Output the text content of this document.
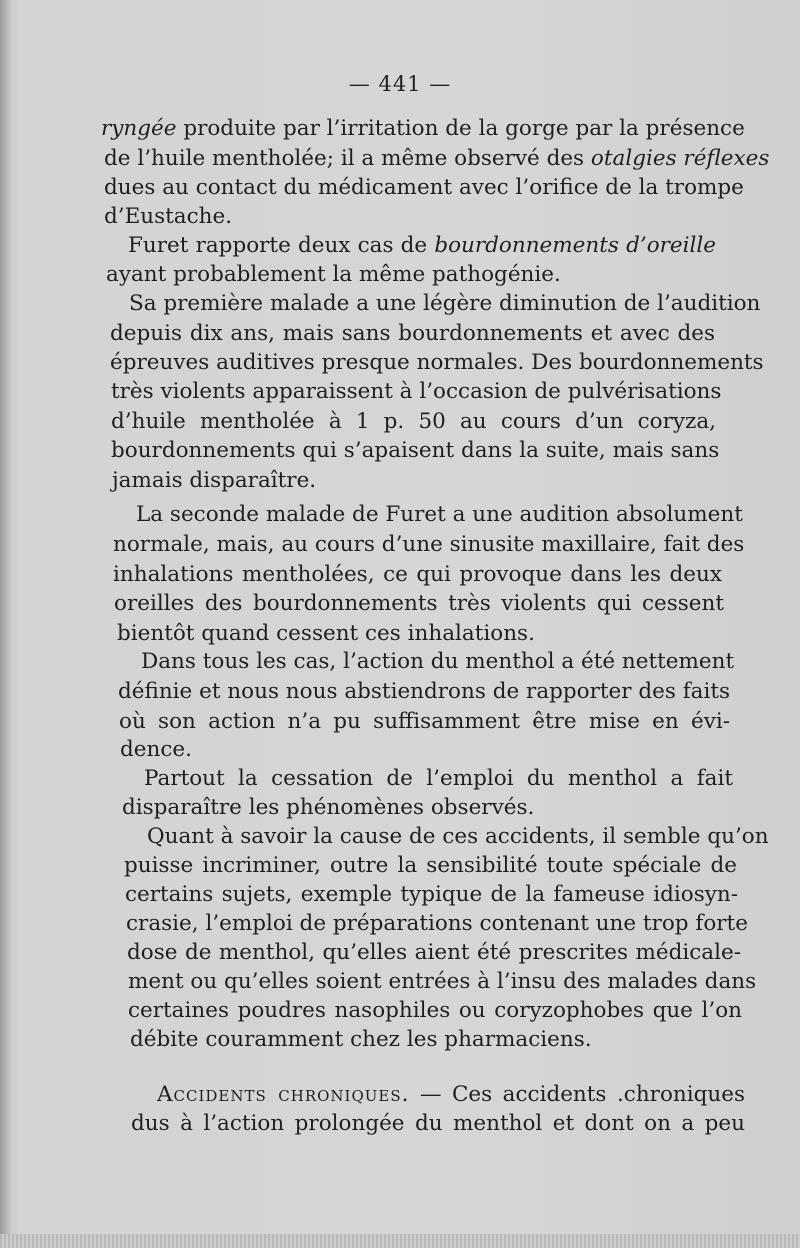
— 441 —
ryngée produite par l’irritation de la gorge par la présence
de l’huile mentholée; il a même observé des otalgies réflexes
dues au contact du médicament avec l’orifice de la trompe
d’Eustache.
Furet rapporte deux cas de bourdonnements d’oreille
ayant probablement la même pathogénie.
Sa première malade a une légère diminution de l’audition
depuis dix ans, mais sans bourdonnements et avec des
épreuves auditives presque normales. Des bourdonnements
très violents apparaissent à l’occasion de pulvérisations
d’huile mentholée à 1 p. 50 au cours d’un coryza,
bourdonnements qui s’apaisent dans la suite, mais sans
jamais disparaître.
La seconde malade de Furet a une audition absolument
normale, mais, au cours d’une sinusite maxillaire, fait des
inhalations mentholées, ce qui provoque dans les deux
oreilles des bourdonnements très violents qui cessent
bientôt quand cessent ces inhalations.
Dans tous les cas, l’action du menthol a été nettement
définie et nous nous abstiendrons de rapporter des faits
où son action n’a pu suffisamment être mise en évi-
dence.
Partout la cessation de l’emploi du menthol a fait
disparaître les phénomènes observés.
Quant à savoir la cause de ces accidents, il semble qu’on
puisse incriminer, outre la sensibilité toute spéciale de
certains sujets, exemple typique de la fameuse idiosyn-
crasie, l’emploi de préparations contenant une trop forte
dose de menthol, qu’elles aient été prescrites médicale-
ment ou qu’elles soient entrées à l’insu des malades dans
certaines poudres nasophiles ou coryzophobes que l’on
débite couramment chez les pharmaciens.
Accidents chroniques. — Ces accidents .chroniques
dus à l’action prolongée du menthol et dont on a peu
